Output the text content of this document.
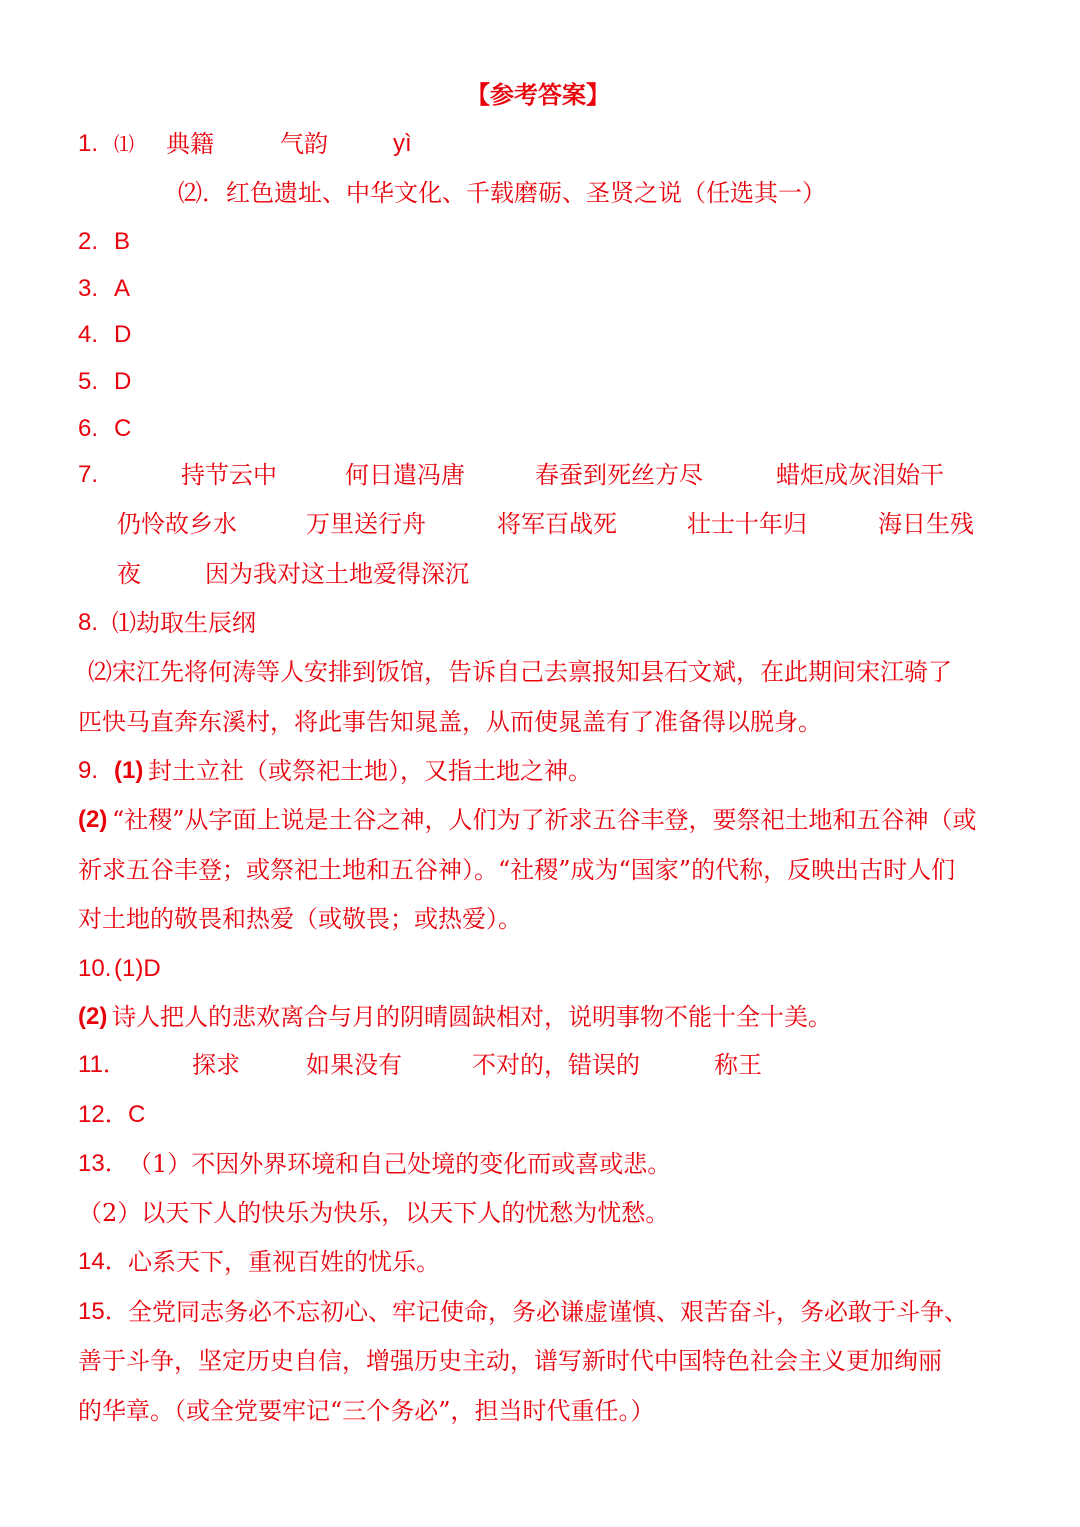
【参考答案】
1. ⑴ 典籍	气韵	yì
⑵．红色遗址、中华文化、千载磨砺、圣贤之说（任选其一）
2. B
3. A
4. D
5. D
6. C
7.	持节云中	何日遣冯唐	春蚕到死丝方尽	蜡炬成灰泪始干
仍怜故乡水	万里送行舟	将军百战死	壮士十年归	海日生残
夜	因为我对这土地爱得深沉
8. ⑴劫取生辰纲
⑵宋江先将何涛等人安排到饭馆，告诉自己去禀报知县石文斌，在此期间宋江骑了
匹快马直奔东溪村，将此事告知晁盖，从而使晁盖有了准备得以脱身。
9. (1) 封土立社（或祭祀土地），又指土地之神。
(2) “社稷”从字面上说是土谷之神，人们为了祈求五谷丰登，要祭祀土地和五谷神（或
祈求五谷丰登；或祭祀土地和五谷神）。“社稷”成为“国家”的代称，反映出古时人们
对土地的敬畏和热爱（或敬畏；或热爱）。
10. (1)D
(2) 诗人把人的悲欢离合与月的阴晴圆缺相对，说明事物不能十全十美。
11．	探求	如果没有	不对的，错误的	称王
12． C
13． （1）不因外界环境和自己处境的变化而或喜或悲。
（2）以天下人的快乐为快乐，以天下人的忧愁为忧愁。
14． 心系天下，重视百姓的忧乐。
15． 全党同志务必不忘初心、牢记使命，务必谦虚谨慎、艰苦奋斗，务必敢于斗争、
善于斗争，坚定历史自信，增强历史主动，谱写新时代中国特色社会主义更加绚丽
的华章。（或全党要牢记“三个务必”，担当时代重任。）
